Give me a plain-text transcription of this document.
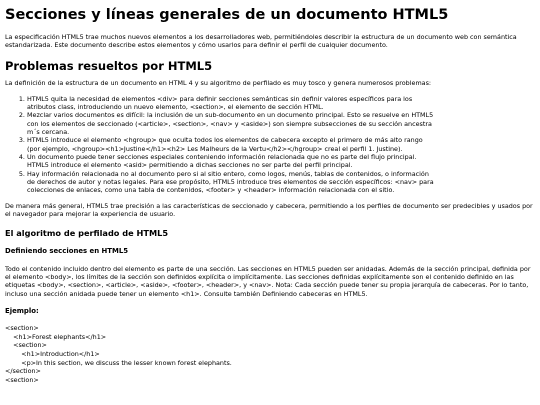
Secciones y líneas generales de un documento HTML5

La especificación HTML5 trae muchos nuevos elementos a los desarrolladores web, permitiéndoles describir la estructura de un documento web con semántica estandarizada. Este documento describe estos elementos y cómo usarlos para definir el perfil de cualquier documento.

Problemas resueltos por HTML5

La definición de la estructura de un documento en HTML 4 y su algoritmo de perfilado es muy tosco y genera numerosos problemas:

1. HTML5 quita la necesidad de elementos <div> para definir secciones semánticas sin definir valores específicos para los atributos class, introduciendo un nuevo elemento, <section>, el elemento de sección HTML.
2. Mezclar varios documentos es difícil: la inclusión de un sub-documento en un documento principal. Esto se resuelve en HTML5 con los elementos de seccionado (<article>, <section>, <nav> y <aside>) son siempre subsecciones de su sección ancestra m´s cercana.
3. HTML5 introduce el elemento <hgroup> que oculta todos los elementos de cabecera excepto el primero de más alto rango (por ejemplo, <hgroup><h1>Justine</h1><h2> Les Malheurs de la Vertu</h2></hgroup> creal el perfil 1. Justine).
4. Un documento puede tener secciones especiales conteniendo información relacionada que no es parte del flujo principal. HTML5 introduce el elemento <asid> permitiendo a dichas secciones no ser parte del perfil principal.
5. Hay información relacionada no al documento pero si al sitio entero, como logos, menús, tablas de contenidos, o información de derechos de autor y notas legales. Para ese propósito, HTML5 introduce tres elementos de sección específicos: <nav> para colecciones de enlaces, como una tabla de contenidos, <footer> y <header> información relacionada con el sitio.

De manera más general, HTML5 trae precisión a las características de seccionado y cabecera, permitiendo a los perfiles de documento ser predecibles y usados por el navegador para mejorar la experiencia de usuario.

El algoritmo de perfilado de HTML5
Definiendo secciones en HTML5

Todo el contenido incluido dentro del elemento es parte de una sección. Las secciones en HTML5 pueden ser anidadas. Además de la sección principal, definida por el elemento <body>, los límites de la sección son definidos explícita o implícitamente. Las secciones definidas explícitamente son el contenido definido en las etiquetas <body>, <section>, <article>, <aside>, <footer>, <header>, y <nav>. Nota: Cada sección puede tener su propia jerarquía de cabeceras. Por lo tanto, incluso una sección anidada puede tener un elemento <h1>. Consulte también Definiendo cabeceras en HTML5.

Ejemplo:
<section>
<h1>Forest elephants</h1>
<section>
<h1>Introduction</h1>
<p>In this section, we discuss the lesser known forest elephants.
</section>
<section>
